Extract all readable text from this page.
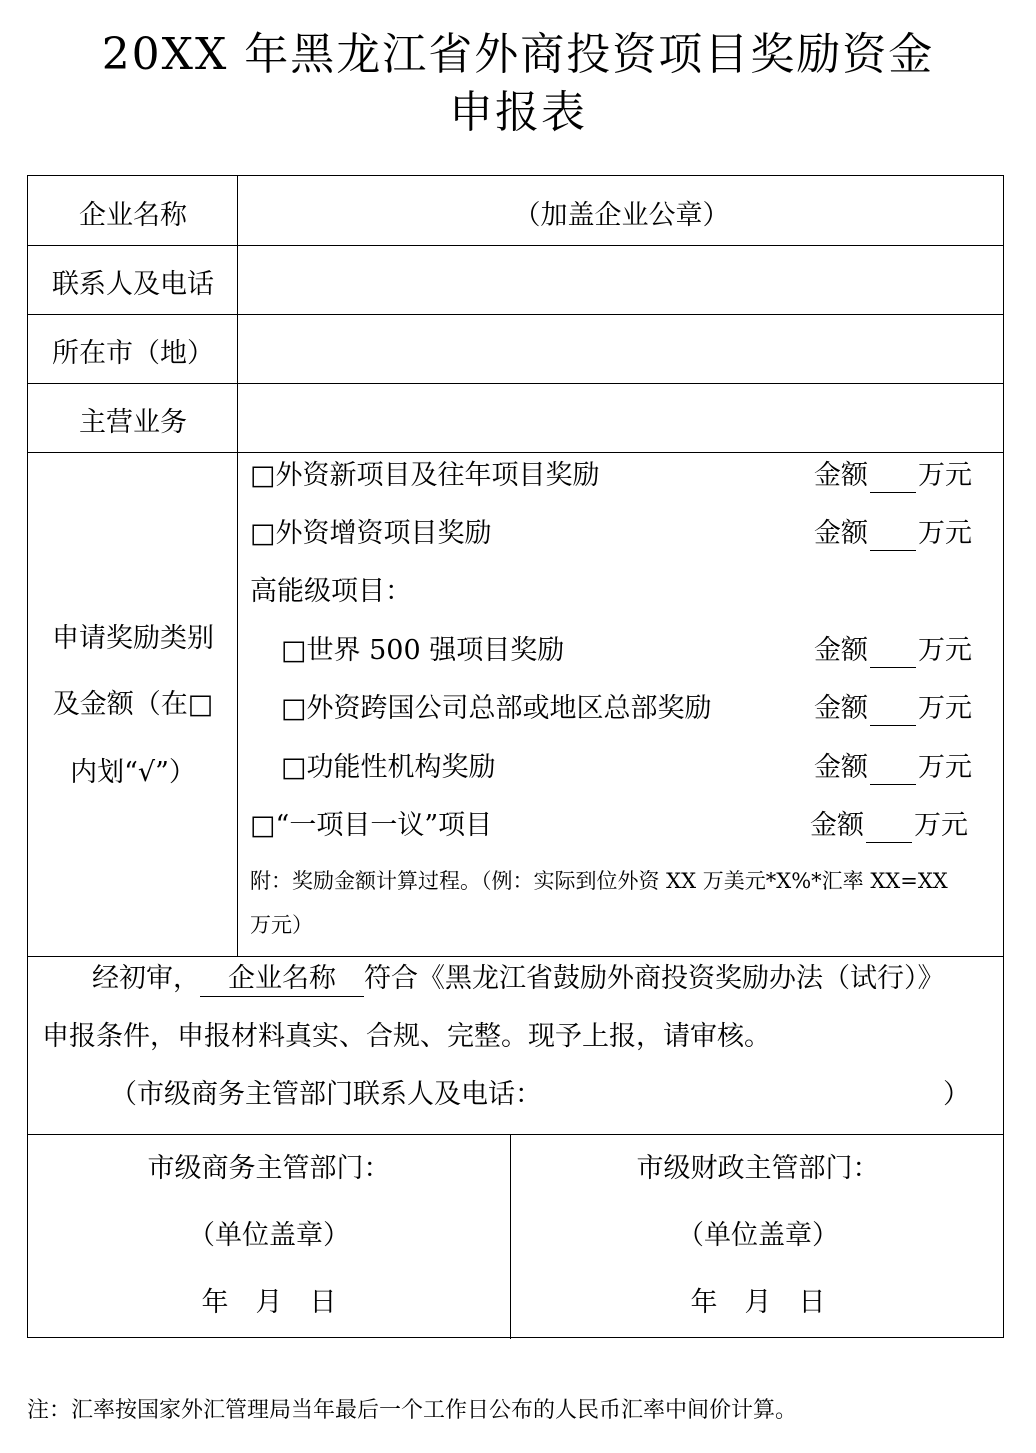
20XX 年黑龙江省外商投资项目奖励资金
申报表
企业名称	（加盖企业公章）
联系人及电话
所在市（地）
主营业务
申请奖励类别
及金额（在□
内划“√”）
□外资新项目及往年项目奖励
□外资增资项目奖励
高能级项目：
□世界 500 强项目奖励
□外资跨国公司总部或地区总部奖励
□功能性机构奖励
□“一项目一议”项目
金额 万元
金额 万元
金额 万元
金额 万元
金额 万元
金额 万元
附：奖励金额计算过程。（例：实际到位外资 XX 万美元*X%*汇率 XX=XX
万元）
经初审， 企业名称 符合《黑龙江省鼓励外商投资奖励办法（试行）》
申报条件，申报材料真实、合规、完整。现予上报，请审核。
（市级商务主管部门联系人及电话：	）
市级商务主管部门：
（单位盖章）
年　月　日
市级财政主管部门：
（单位盖章）
年　月　日
注：汇率按国家外汇管理局当年最后一个工作日公布的人民币汇率中间价计算。
